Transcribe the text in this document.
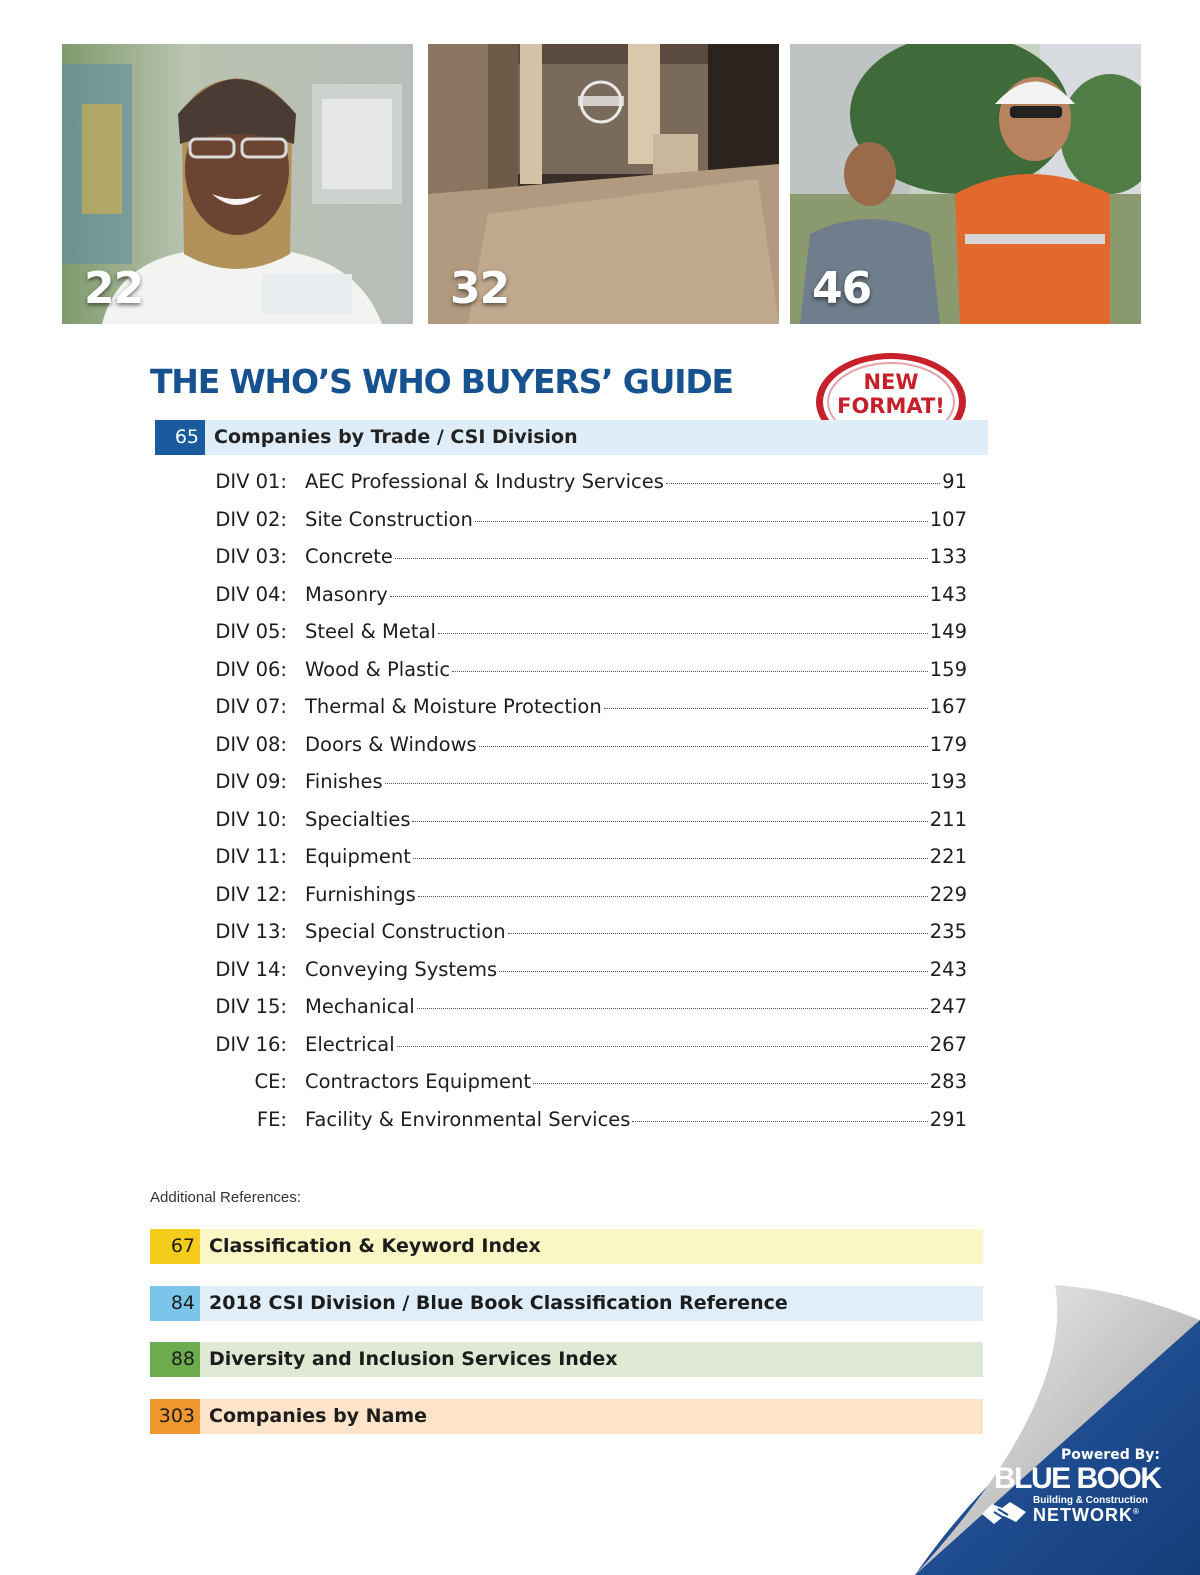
22	32	46
THE WHO’S WHO BUYERS’ GUIDE	NEW
FORMAT!
65 Companies by Trade / CSI Division
DIV 01: AEC Professional & Industry Services	91
DIV 02: Site Construction	107
DIV 03: Concrete	133
DIV 04: Masonry	143
DIV 05: Steel & Metal	149
DIV 06: Wood & Plastic	159
DIV 07: Thermal & Moisture Protection	167
DIV 08: Doors & Windows	179
DIV 09: Finishes	193
DIV 10: Specialties	211
DIV 11: Equipment	221
DIV 12: Furnishings	229
DIV 13: Special Construction	235
DIV 14: Conveying Systems	243
DIV 15: Mechanical	247
DIV 16: Electrical	267
CE: Contractors Equipment	283
FE: Facility & Environmental Services	291
Additional References:
67 Classification & Keyword Index
84 2018 CSI Division / Blue Book Classification Reference
88 Diversity and Inclusion Services Index
303 Companies by Name
Powered By:
THE BLUE BOOK
Building & Construction
NETWORK®
